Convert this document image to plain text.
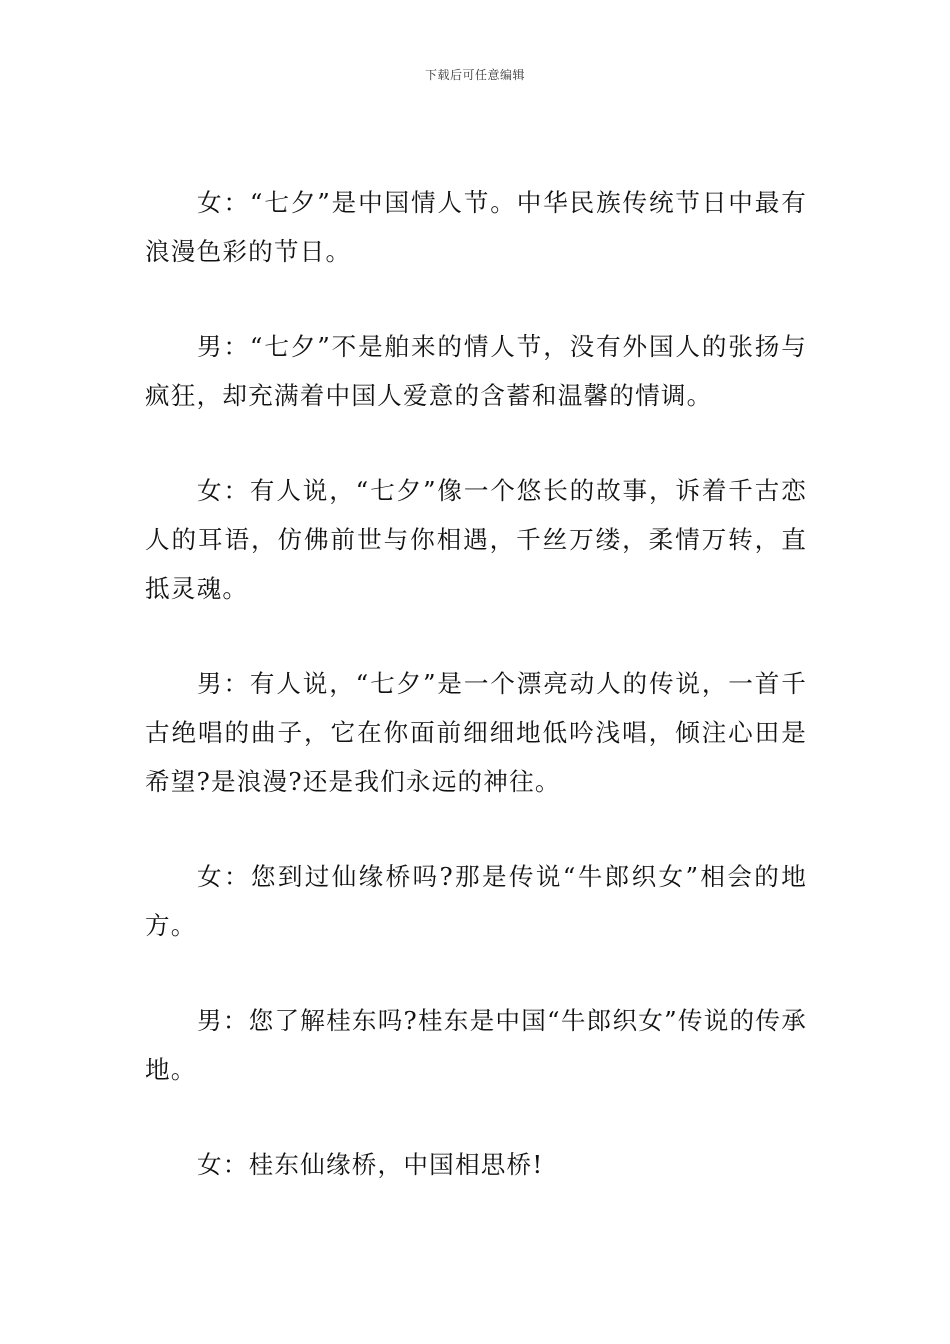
下载后可任意编辑

女：“七夕”是中国情人节。中华民族传统节日中最有浪漫色彩的节日。

男：“七夕”不是舶来的情人节，没有外国人的张扬与疯狂，却充满着中国人爱意的含蓄和温馨的情调。

女：有人说，“七夕”像一个悠长的故事，诉着千古恋人的耳语，仿佛前世与你相遇，千丝万缕，柔情万转，直抵灵魂。

男：有人说，“七夕”是一个漂亮动人的传说，一首千古绝唱的曲子，它在你面前细细地低吟浅唱，倾注心田是希望?是浪漫?还是我们永远的神往。

女：您到过仙缘桥吗?那是传说“牛郎织女”相会的地方。

男：您了解桂东吗?桂东是中国“牛郎织女”传说的传承地。

女：桂东仙缘桥，中国相思桥!
